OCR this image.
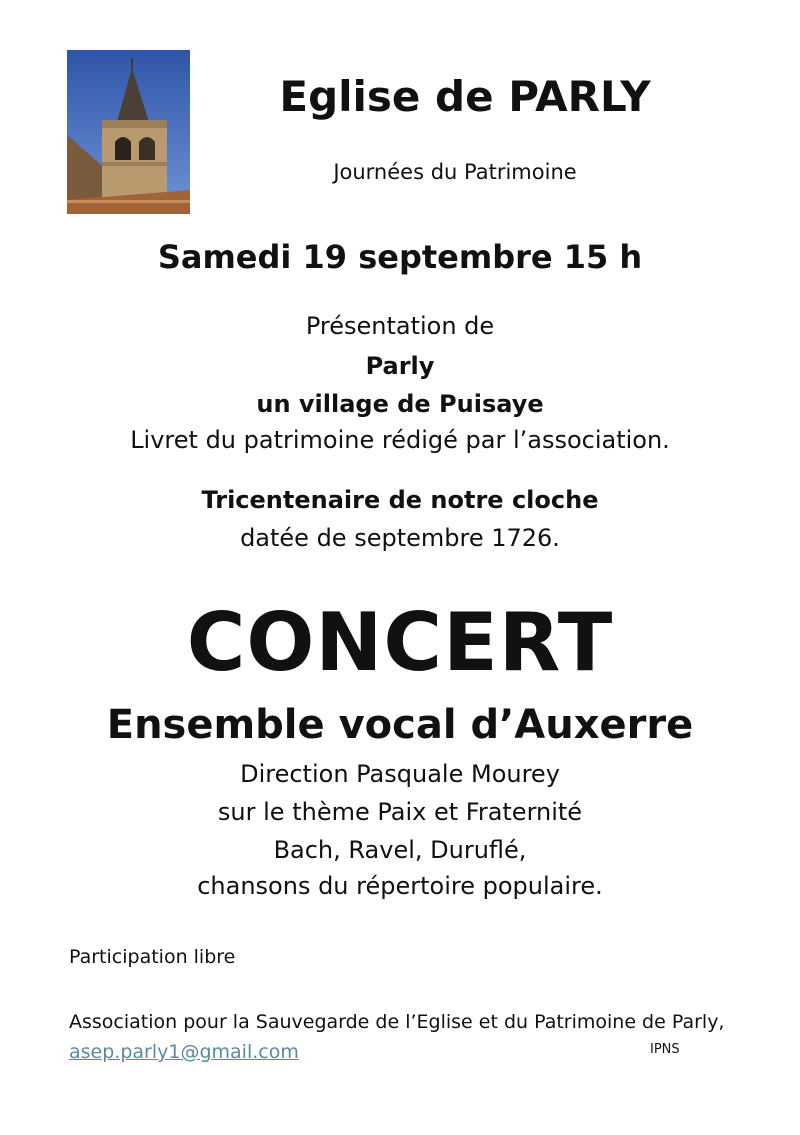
Eglise de PARLY
Journées du Patrimoine
Samedi 19 septembre 15 h
Présentation de
Parly
un village de Puisaye
Livret du patrimoine rédigé par l’association.
Tricentenaire de notre cloche
datée de septembre 1726.
CONCERT
Ensemble vocal d’Auxerre
Direction Pasquale Mourey
sur le thème Paix et Fraternité
Bach, Ravel, Duruflé,
chansons du répertoire populaire.
Participation libre
Association pour la Sauvegarde de l’Eglise et du Patrimoine de Parly, asep.parly1@gmail.com	IPNS
